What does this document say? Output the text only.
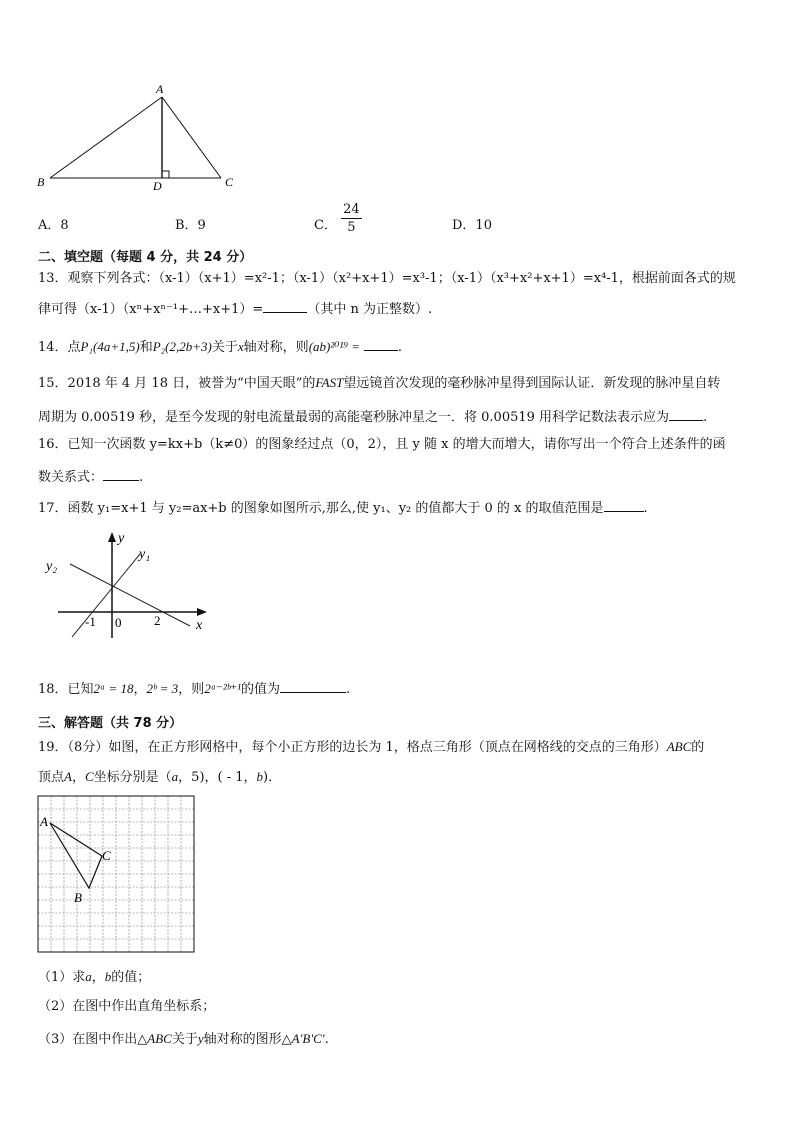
A
B	C
D
A．8	B．9	C． $\frac{24}{5}$	D．10
二、填空题（每题 4 分，共 24 分）
13．观察下列各式：（x-1）（x+1）=x²-1；（x-1）（x²+x+1）=x³-1；（x-1）（x³+x²+x+1）=x⁴-1，根据前面各式的规
律可得（x-1）（xⁿ+xⁿ⁻¹+…+x+1）=	（其中 n 为正整数）.
14．点P₁(4a+1,5)和P₂(2,2b+3)关于x轴对称，则(ab)²⁰¹⁹ =	.
15．2018 年 4 月 18 日，被誉为“中国天眼”的FAST望远镜首次发现的毫秒脉冲星得到国际认证．新发现的脉冲星自转
周期为 0.00519 秒，是至今发现的射电流量最弱的高能毫秒脉冲星之一．将 0.00519 用科学记数法表示应为	.
16．已知一次函数 y=kx+b（k≠0）的图象经过点（0，2），且 y 随 x 的增大而增大，请你写出一个符合上述条件的函
数关系式：	.
17．函数 y₁=x+1 与 y₂=ax+b 的图象如图所示,那么,使 y₁、y₂ 的值都大于 0 的 x 的取值范围是	.
y
y₁
y₂
x
-1 0	2
18．已知2ᵃ = 18，2ᵇ = 3，则2ᵃ⁻²ᵇ⁺¹的值为	.
三、解答题（共 78 分）
19．（8分）如图，在正方形网格中，每个小正方形的边长为 1，格点三角形（顶点在网格线的交点的三角形）ABC的
顶点A，C坐标分别是（a，5)，( - 1，b)．
A
B
C
（1）求a，b的值；
（2）在图中作出直角坐标系；
（3）在图中作出△ABC关于y轴对称的图形△A'B'C'.
